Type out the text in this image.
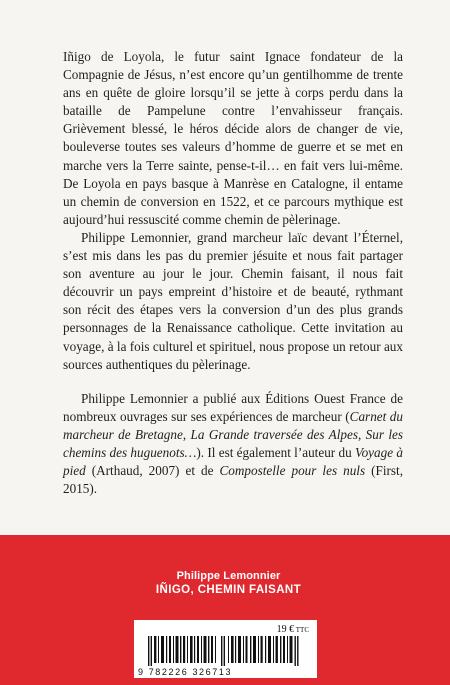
Iñigo de Loyola, le futur saint Ignace fondateur de la Compagnie de Jésus, n’est encore qu’un gentilhomme de trente ans en quête de gloire lorsqu’il se jette à corps perdu dans la bataille de Pampelune contre l’envahisseur français. Grièvement blessé, le héros décide alors de changer de vie, bouleverse toutes ses valeurs d’homme de guerre et se met en marche vers la Terre sainte, pense-t-il… en fait vers lui-même. De Loyola en pays basque à Manrèse en Catalogne, il entame un chemin de conversion en 1522, et ce parcours mythique est aujourd’hui ressuscité comme chemin de pèlerinage.

Philippe Lemonnier, grand marcheur laïc devant l’Éternel, s’est mis dans les pas du premier jésuite et nous fait partager son aventure au jour le jour. Chemin faisant, il nous fait découvrir un pays empreint d’histoire et de beauté, rythmant son récit des étapes vers la conversion d’un des plus grands personnages de la Renaissance catholique. Cette invitation au voyage, à la fois culturel et spirituel, nous propose un retour aux sources authentiques du pèlerinage.

Philippe Lemonnier a publié aux Éditions Ouest France de nombreux ouvrages sur ses expériences de marcheur (Carnet du marcheur de Bretagne, La Grande traversée des Alpes, Sur les chemins des huguenots…). Il est également l’auteur du Voyage à pied (Arthaud, 2007) et de Compostelle pour les nuls (First, 2015).

Philippe Lemonnier
IÑIGO, CHEMIN FAISANT
19 € TTC
9 782226 326713
